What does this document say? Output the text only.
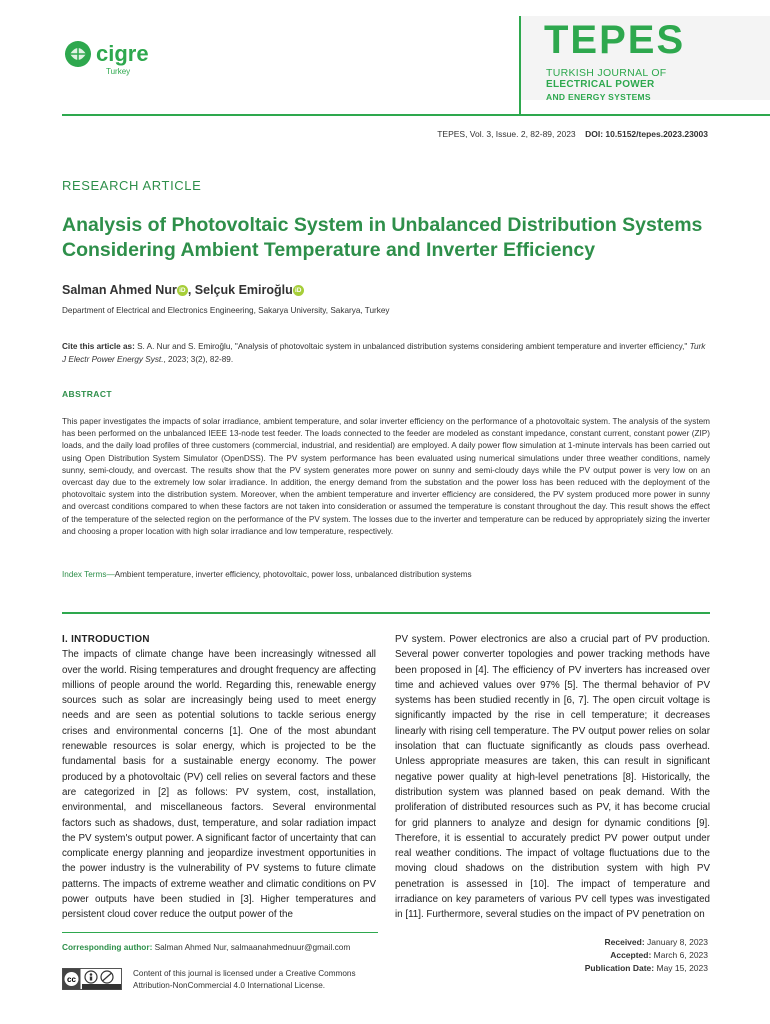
cigre
Turkey
TEPES
TURKISH JOURNAL OF
ELECTRICAL POWER
AND ENERGY SYSTEMS
TEPES, Vol. 3, Issue. 2, 82-89, 2023 DOI: 10.5152/tepes.2023.23003
RESEARCH ARTICLE
Analysis of Photovoltaic System in Unbalanced Distribution Systems Considering Ambient Temperature and Inverter Efficiency
Salman Ahmed Nur iD , Selçuk Emiroğlu iD
Department of Electrical and Electronics Engineering, Sakarya University, Sakarya, Turkey
Cite this article as: S. A. Nur and S. Emiroğlu, "Analysis of photovoltaic system in unbalanced distribution systems considering ambient temperature and inverter efficiency," Turk J Electr Power Energy Syst., 2023; 3(2), 82-89.
ABSTRACT
This paper investigates the impacts of solar irradiance, ambient temperature, and solar inverter efficiency on the performance of a photovoltaic system. The analysis of the system has been performed on the unbalanced IEEE 13-node test feeder. The loads connected to the feeder are modeled as constant impedance, constant current, constant power (ZIP) loads, and the daily load profiles of three customers (commercial, industrial, and residential) are employed. A daily power flow simulation at 1-minute intervals has been carried out using Open Distribution System Simulator (OpenDSS). The PV system performance has been evaluated using numerical simulations under three weather conditions, namely sunny, semi-cloudy, and overcast. The results show that the PV system generates more power on sunny and semi-cloudy days while the PV output power is very low on an overcast day due to the extremely low solar irradiance. In addition, the energy demand from the substation and the power loss has been reduced with the deployment of the photovoltaic system into the distribution system. Moreover, when the ambient temperature and inverter efficiency are considered, the PV system produced more power in sunny and overcast conditions compared to when these factors are not taken into consideration or assumed the temperature is constant throughout the day. This result shows the effect of the temperature of the selected region on the performance of the PV system. The losses due to the inverter and temperature can be reduced by appropriately sizing the inverter and choosing a proper location with high solar irradiance and low temperature, respectively.
Index Terms—Ambient temperature, inverter efficiency, photovoltaic, power loss, unbalanced distribution systems
I. INTRODUCTION
The impacts of climate change have been increasingly witnessed all over the world. Rising temperatures and drought frequency are affecting millions of people around the world. Regarding this, renewable energy sources such as solar are increasingly being used to meet energy needs and are seen as potential solutions to tackle serious energy crises and environmental concerns [1]. One of the most abundant renewable resources is solar energy, which is projected to be the fundamental basis for a sustainable energy economy. The power produced by a photovoltaic (PV) cell relies on several factors and these are categorized in [2] as follows: PV system, cost, installation, environmental, and miscellaneous factors. Several environmental factors such as shadows, dust, temperature, and solar radiation impact the PV system's output power. A significant factor of uncertainty that can complicate energy planning and jeopardize investment opportunities in the power industry is the vulnerability of PV systems to future climate patterns. The impacts of extreme weather and climatic conditions on PV power outputs have been studied in [3]. Higher temperatures and persistent cloud cover reduce the output power of the
PV system. Power electronics are also a crucial part of PV production. Several power converter topologies and power tracking methods have been proposed in [4]. The efficiency of PV inverters has increased over time and achieved values over 97% [5]. The thermal behavior of PV systems has been studied recently in [6, 7]. The open circuit voltage is significantly impacted by the rise in cell temperature; it decreases linearly with rising cell temperature. The PV output power relies on solar insolation that can fluctuate significantly as clouds pass overhead. Unless appropriate measures are taken, this can result in significant negative power quality at high-level penetrations [8]. Historically, the distribution system was planned based on peak demand. With the proliferation of distributed resources such as PV, it has become crucial for grid planners to analyze and design for dynamic conditions [9]. Therefore, it is essential to accurately predict PV power output under real weather conditions. The impact of voltage fluctuations due to the moving cloud shadows on the distribution system with high PV penetration is assessed in [10]. The impact of temperature and irradiance on key parameters of various PV cell types was investigated in [11]. Furthermore, several studies on the impact of PV penetration on
Corresponding author: Salman Ahmed Nur, salmaanahmednuur@gmail.com
cc
Content of this journal is licensed under a Creative Commons Attribution-NonCommercial 4.0 International License.
Received: January 8, 2023
Accepted: March 6, 2023
Publication Date: May 15, 2023
